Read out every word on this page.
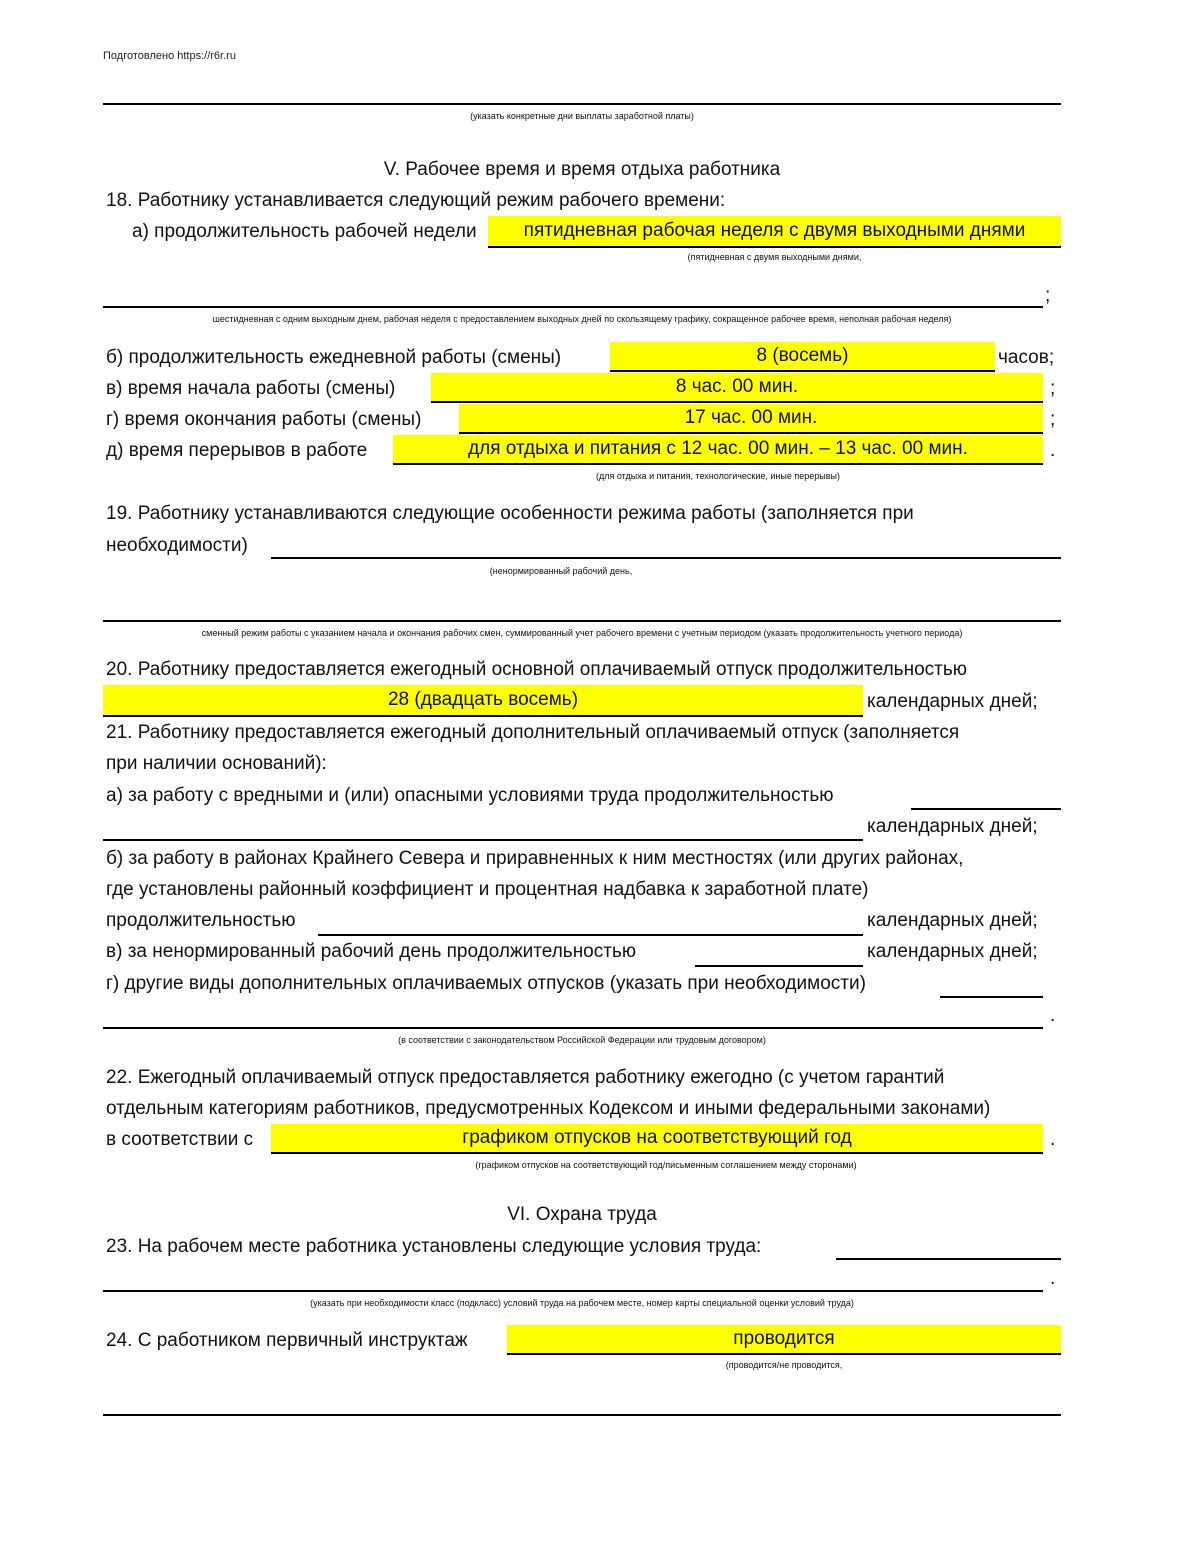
Подготовлено https://r6r.ru
(указать конкретные дни выплаты заработной платы)
V. Рабочее время и время отдыха работника
18. Работнику устанавливается следующий режим рабочего времени:
а) продолжительность рабочей недели	пятидневная рабочая неделя с двумя выходными днями
(пятидневная с двумя выходными днями,
;
шестидневная с одним выходным днем, рабочая неделя с предоставлением выходных дней по скользящему графику, сокращенное рабочее время, неполная рабочая неделя)
б) продолжительность ежедневной работы (смены)	8 (восемь)	часов;
в) время начала работы (смены)	8 час. 00 мин.	;
г) время окончания работы (смены)	17 час. 00 мин.	;
д) время перерывов в работе	для отдыха и питания с 12 час. 00 мин. – 13 час. 00 мин.	.
(для отдыха и питания, технологические, иные перерывы)
19. Работнику устанавливаются следующие особенности режима работы (заполняется при
необходимости)
(ненормированный рабочий день,
сменный режим работы с указанием начала и окончания рабочих смен, суммированный учет рабочего времени с учетным периодом (указать продолжительность учетного периода)
20. Работнику предоставляется ежегодный основной оплачиваемый отпуск продолжительностью
28 (двадцать восемь)	календарных дней;
21. Работнику предоставляется ежегодный дополнительный оплачиваемый отпуск (заполняется
при наличии оснований):
а) за работу с вредными и (или) опасными условиями труда продолжительностью
календарных дней;
б) за работу в районах Крайнего Севера и приравненных к ним местностях (или других районах,
где установлены районный коэффициент и процентная надбавка к заработной плате)
продолжительностью	календарных дней;
в) за ненормированный рабочий день продолжительностью	календарных дней;
г) другие виды дополнительных оплачиваемых отпусков (указать при необходимости)
.
(в соответствии с законодательством Российской Федерации или трудовым договором)
22. Ежегодный оплачиваемый отпуск предоставляется работнику ежегодно (с учетом гарантий
отдельным категориям работников, предусмотренных Кодексом и иными федеральными законами)
в соответствии с	графиком отпусков на соответствующий год	.
(графиком отпусков на соответствующий год/письменным соглашением между сторонами)
VI. Охрана труда
23. На рабочем месте работника установлены следующие условия труда:
.
(указать при необходимости класс (подкласс) условий труда на рабочем месте, номер карты специальной оценки условий труда)
24. С работником первичный инструктаж	проводится
(проводится/не проводится,
